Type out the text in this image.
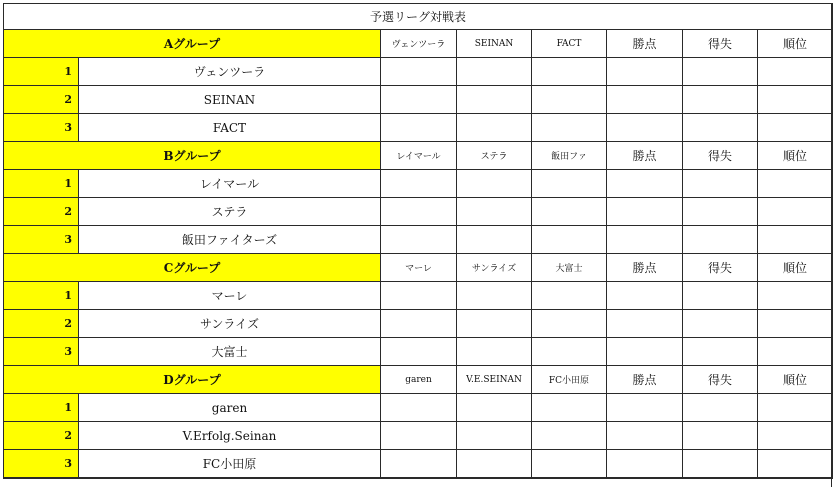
予選リーグ対戦表							
Aグループ		ヴェンツーラ	SEINAN	FACT	勝点	得失	順位
1	ヴェンツーラ						
2	SEINAN						
3	FACT						
Bグループ		レイマール	ステラ	飯田ファ	勝点	得失	順位
1	レイマール						
2	ステラ						
3	飯田ファイターズ						
Cグループ		マーレ	サンライズ	大富士	勝点	得失	順位
1	マーレ						
2	サンライズ						
3	大富士						
Dグループ		garen	V.E.SEINAN	FC小田原	勝点	得失	順位
1	garen						
2	V.Erfolg.Seinan						
3	FC小田原						
